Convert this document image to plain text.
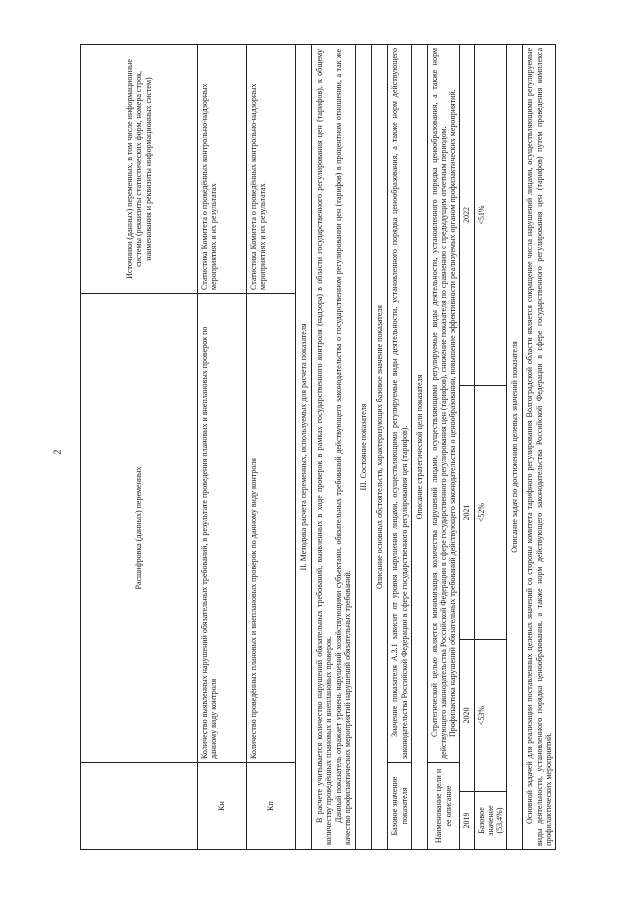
2
		Расшифровка (данных) переменных			Источники (данных) переменных, в том числе информационные системы (реквизиты статистических форм, номера строк, наименования и реквизиты информационных систем)
Кн		Количество выявленных нарушений обязательных требований, в результате проведения плановых и внеплановых проверок по данному виду контроля			Статистика Комитета о проведённых контрольно-надзорных мероприятиях и их результатах
Кп		Количество проведённых плановых и внеплановых проверок по данному виду контроля			Статистика Комитета о проведённых контрольно-надзорных мероприятиях и их результатах
II. Методика расчета переменных, используемых для расчета показателя					

В расчете учитывается количество нарушений обязательных требований, выявленных в ходе проверок в рамках государственного контроля (надзора) в области государственного регулирования цен (тарифов), к общему количеству проведённых плановых и внеплановых проверок. Данный показатель отражает уровень нарушений хозяйствующими субъектами, обязательных требований действующего законодательства о государственном регулировании цен (тарифов) в процентном отношении, а так же качество профилактических мероприятий нарушений обязательных требований.					

III. Состояние показателя					
Описание основных обстоятельств, характеризующих базовое значение показателя					
Базовое значение показателя		Значение показателя А.3.1 зависит от уровня нарушения лицами, осуществляющими регулируемые виды деятельности, установленного порядка ценообразования, а также норм действующего законодательства Российской Федерации в сфере государственного регулирования цен (тарифов).			
Описание стратегической цели показателя					
Наименование цели и ее описание		Стратегической целью является минимизация количества нарушений лицами, осуществляющими регулируемые виды деятельности, установленного порядка ценообразования, а также норм действующего законодательства Российской Федерации в сфере государственного регулирования цен (тарифов), снижение показателя по сравнению с предыдущим отчетным периодом. Профилактика нарушений обязательных требований действующего законодательства о ценообразовании, повышение эффективности реализуемых органом профилактических мероприятий.			

2019	2020		2021	2022	
Базовое значение (53,4%)	<53%		<52%	<51%	
Описание задач по достижению целевых значений показателя					
Основной задачей для реализации поставленных целевых значений со стороны комитета тарифного регулирования Волгоградской области является сокращение числа нарушений лицами, осуществляющими регулируемые виды деятельности, установленного порядка ценообразования, а также норм действующего законодательства Российской Федерации в сфере государственного регулирования цен (тарифов) путем проведения комплекса профилактических мероприятий.					
